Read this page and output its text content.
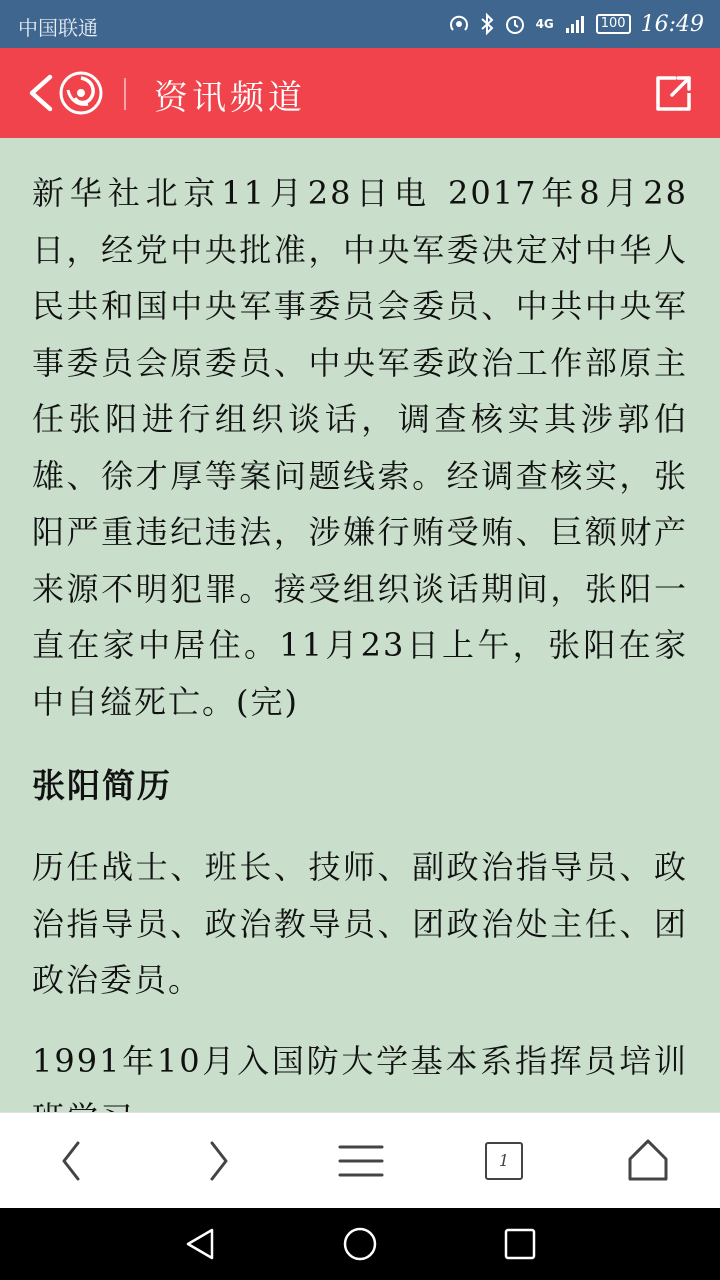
中国联通	4G	100 16:49
资讯频道

新华社北京11月28日电 2017年8月28日，经党中央批准，中央军委决定对中华人民共和国中央军事委员会委员、中共中央军事委员会原委员、中央军委政治工作部原主任张阳进行组织谈话，调查核实其涉郭伯雄、徐才厚等案问题线索。经调查核实，张阳严重违纪违法，涉嫌行贿受贿、巨额财产来源不明犯罪。接受组织谈话期间，张阳一直在家中居住。11月23日上午，张阳在家中自缢死亡。(完)

张阳简历

历任战士、班长、技师、副政治指导员、政治指导员、政治教导员、团政治处主任、团政治委员。

1991年10月入国防大学基本系指挥员培训

1
